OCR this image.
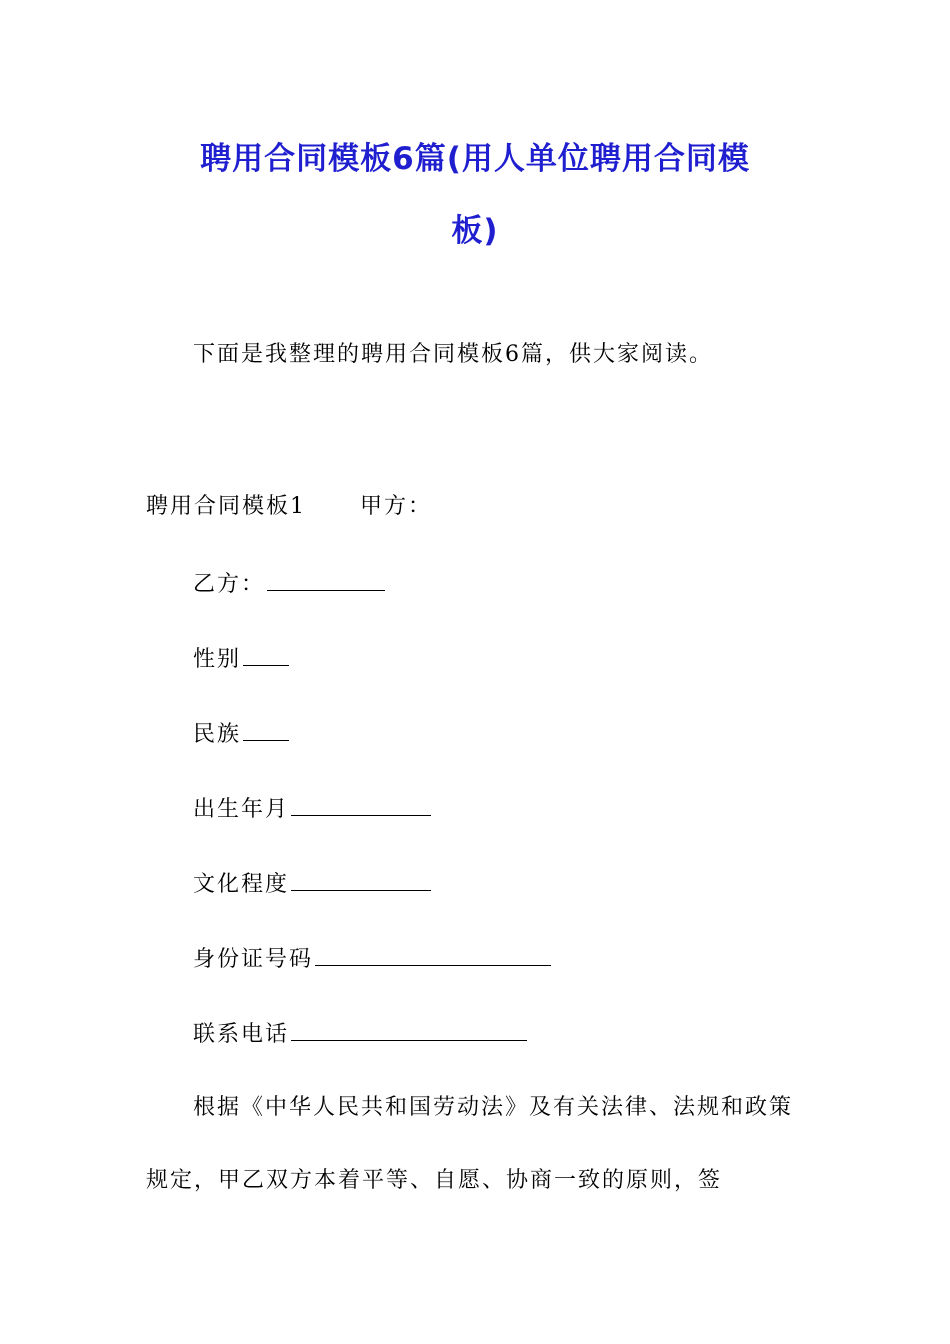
聘用合同模板6篇(用人单位聘用合同模
板)
下面是我整理的聘用合同模板6篇，供大家阅读。
聘用合同模板1 甲方：
乙方：
性别
民族
出生年月
文化程度
身份证号码
联系电话
根据《中华人民共和国劳动法》及有关法律、法规和政策
规定，甲乙双方本着平等、自愿、协商一致的原则，签
